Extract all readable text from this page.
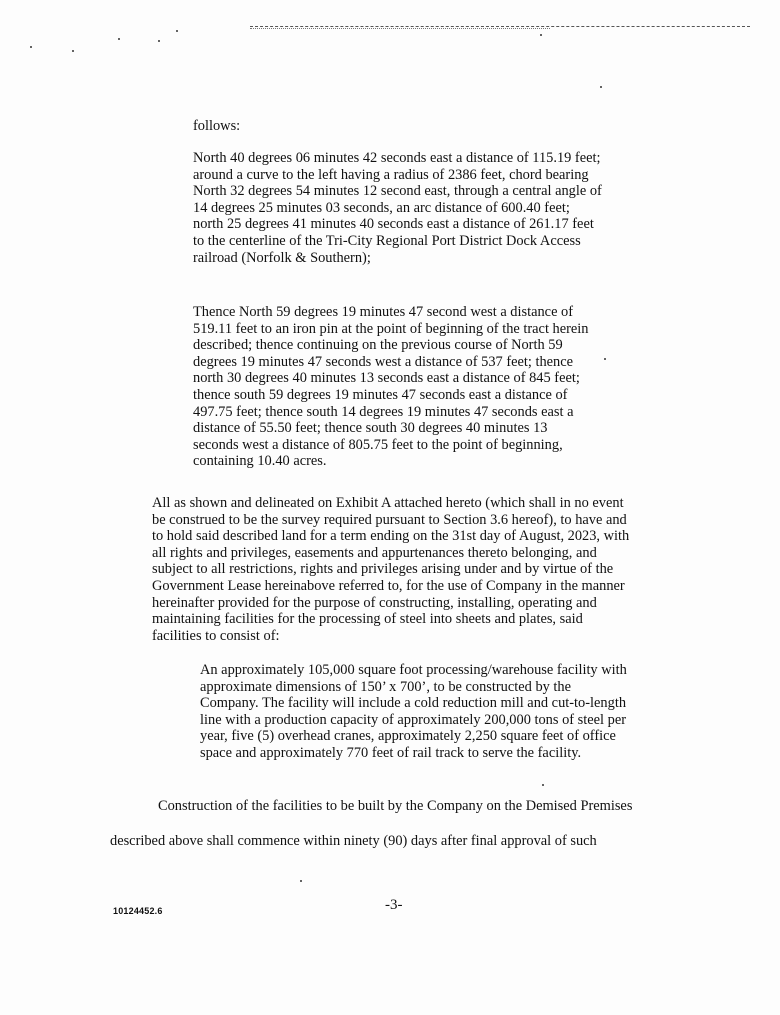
follows:

North 40 degrees 06 minutes 42 seconds east a distance of 115.19 feet; around a curve to the left having a radius of 2386 feet, chord bearing North 32 degrees 54 minutes 12 second east, through a central angle of 14 degrees 25 minutes 03 seconds, an arc distance of 600.40 feet; north 25 degrees 41 minutes 40 seconds east a distance of 261.17 feet to the centerline of the Tri-City Regional Port District Dock Access railroad (Norfolk & Southern);

Thence North 59 degrees 19 minutes 47 second west a distance of 519.11 feet to an iron pin at the point of beginning of the tract herein described; thence continuing on the previous course of North 59 degrees 19 minutes 47 seconds west a distance of 537 feet; thence north 30 degrees 40 minutes 13 seconds east a distance of 845 feet; thence south 59 degrees 19 minutes 47 seconds east a distance of 497.75 feet; thence south 14 degrees 19 minutes 47 seconds east a distance of 55.50 feet; thence south 30 degrees 40 minutes 13 seconds west a distance of 805.75 feet to the point of beginning, containing 10.40 acres.

All as shown and delineated on Exhibit A attached hereto (which shall in no event be construed to be the survey required pursuant to Section 3.6 hereof), to have and to hold said described land for a term ending on the 31st day of August, 2023, with all rights and privileges, easements and appurtenances thereto belonging, and subject to all restrictions, rights and privileges arising under and by virtue of the Government Lease hereinabove referred to, for the use of Company in the manner hereinafter provided for the purpose of constructing, installing, operating and maintaining facilities for the processing of steel into sheets and plates, said facilities to consist of:

An approximately 105,000 square foot processing/warehouse facility with approximate dimensions of 150’ x 700’, to be constructed by the Company. The facility will include a cold reduction mill and cut-to-length line with a production capacity of approximately 200,000 tons of steel per year, five (5) overhead cranes, approximately 2,250 square feet of office space and approximately 770 feet of rail track to serve the facility.

Construction of the facilities to be built by the Company on the Demised Premises

described above shall commence within ninety (90) days after final approval of such

10124452.6	-3-
